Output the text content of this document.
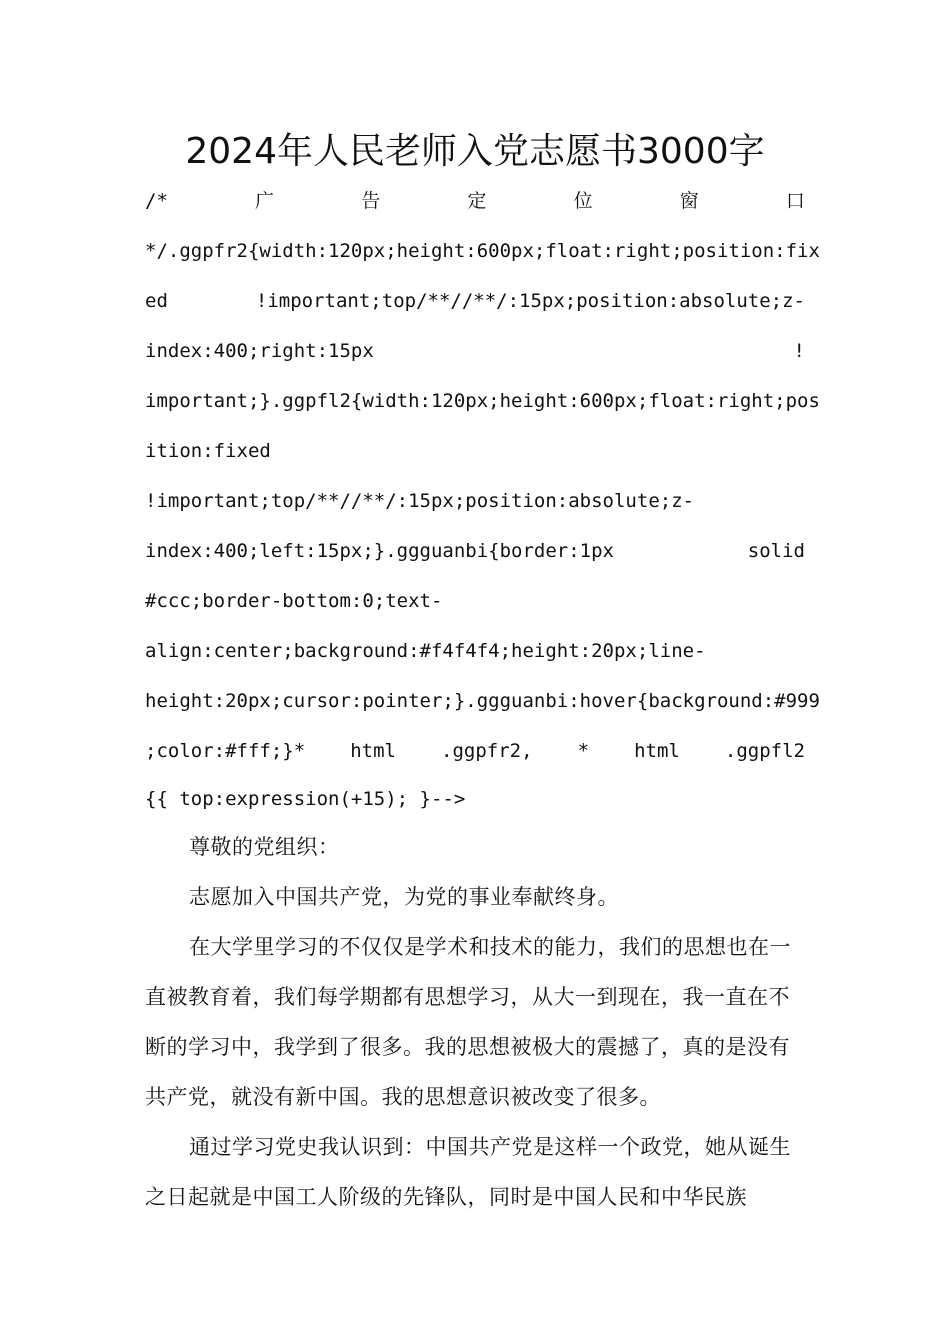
2024年人民老师入党志愿书3000字
/*	广	告	定	位	窗	口
*/.ggpfr2{width:120px;height:600px;float:right;position:fix
ed	!important;top/**//**/:15px;position:absolute;z-
index:400;right:15px	!
important;}.ggpfl2{width:120px;height:600px;float:right;pos
ition:fixed
!important;top/**//**/:15px;position:absolute;z-
index:400;left:15px;}.ggguanbi{border:1px	solid
#ccc;border-bottom:0;text-
align:center;background:#f4f4f4;height:20px;line-
height:20px;cursor:pointer;}.ggguanbi:hover{background:#999
;color:#fff;}* html .ggpfr2, * html .ggpfl2
{{ top:expression(+15); }-->

尊敬的党组织：

志愿加入中国共产党，为党的事业奉献终身。

在大学里学习的不仅仅是学术和技术的能力，我们的思想也在一直被教育着，我们每学期都有思想学习，从大一到现在，我一直在不断的学习中，我学到了很多。我的思想被极大的震撼了，真的是没有共产党，就没有新中国。我的思想意识被改变了很多。

通过学习党史我认识到：中国共产党是这样一个政党，她从诞生之日起就是中国工人阶级的先锋队，同时是中国人民和中华民族
